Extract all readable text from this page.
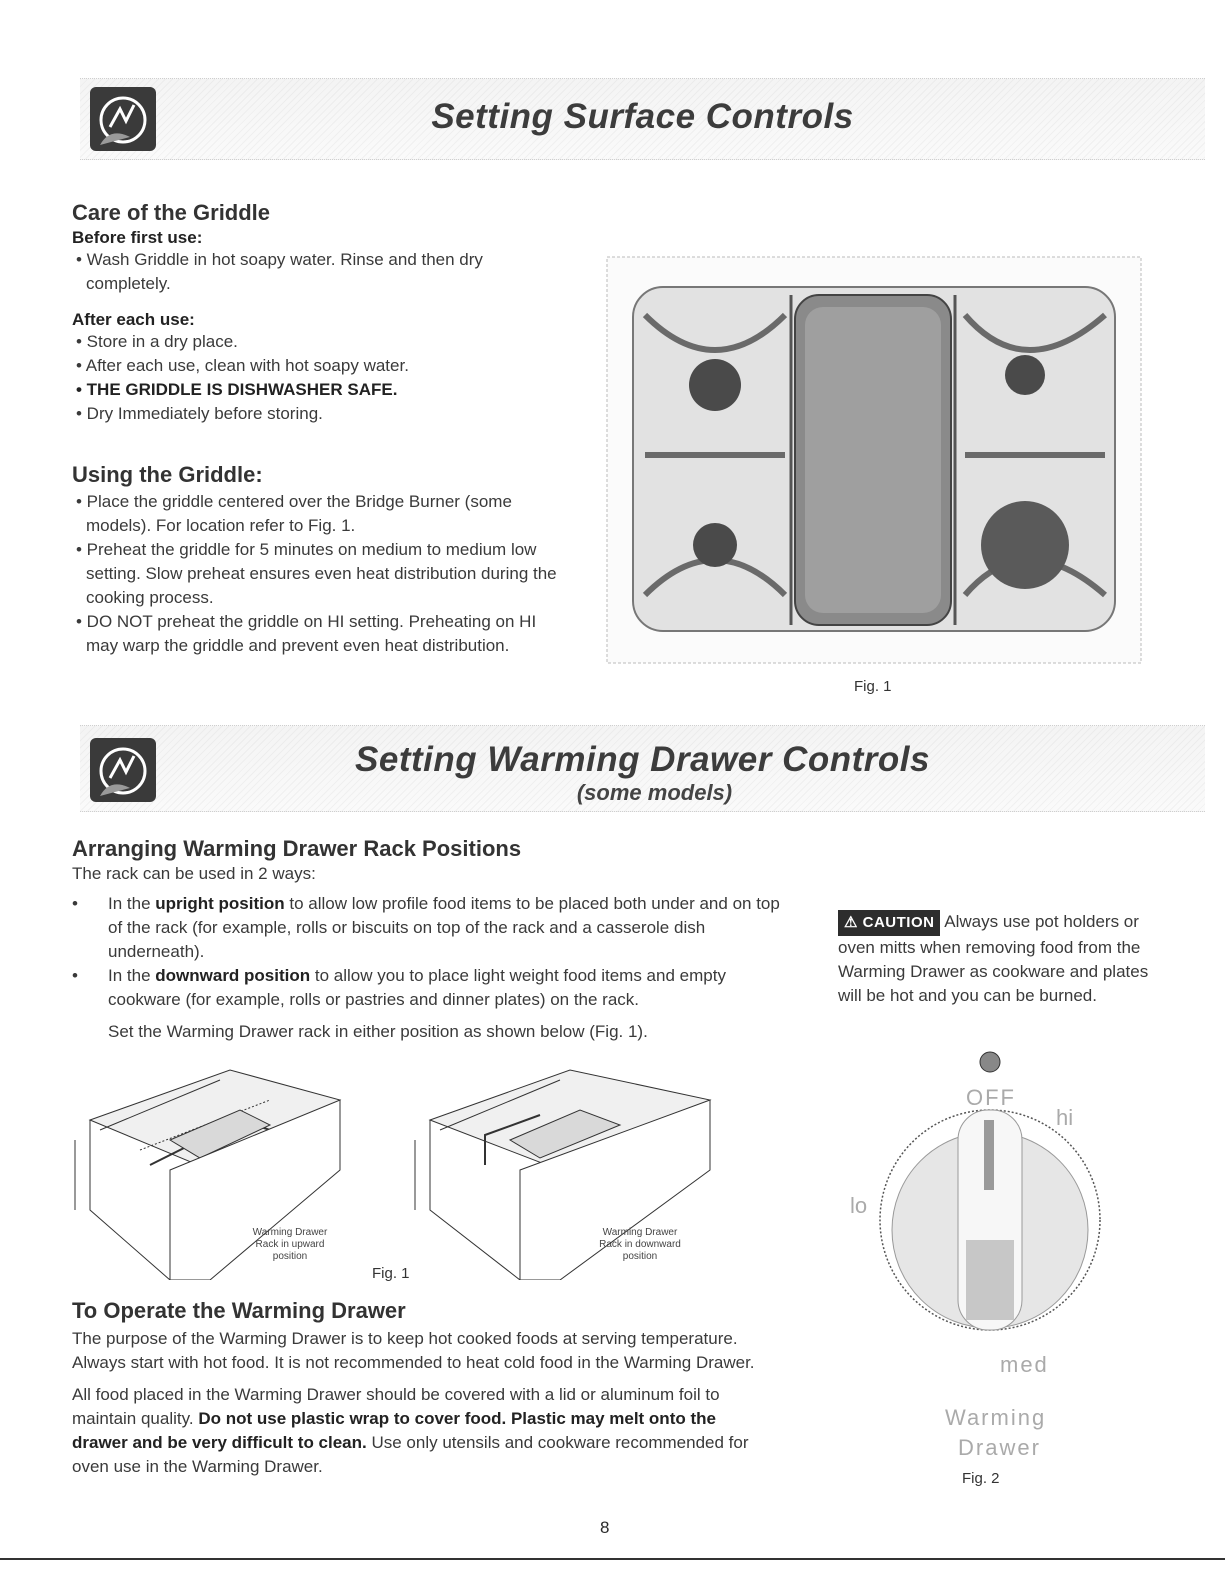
Setting Surface Controls
Care of the Griddle

Before first use:

• Wash Griddle in hot soapy water. Rinse and then dry completely.

After each use:

• Store in a dry place.

• After each use, clean with hot soapy water.

• THE GRIDDLE IS DISHWASHER SAFE.

• Dry Immediately before storing.

Using the Griddle:

• Place the griddle centered over the Bridge Burner (some models). For location refer to Fig. 1.

• Preheat the griddle for 5 minutes on medium to medium low setting. Slow preheat ensures even heat distribution during the cooking process.

• DO NOT preheat the griddle on HI setting. Preheating on HI may warp the griddle and prevent even heat distribution.

Fig. 1
Setting Warming Drawer Controls
(some models)
Arranging Warming Drawer Rack Positions

The rack can be used in 2 ways:

•	In the upright position to allow low profile food items to be placed both under and on top of the rack (for example, rolls or biscuits on top of the rack and a casserole dish underneath).
•	In the downward position to allow you to place light weight food items and empty cookware (for example, rolls or pastries and dinner plates) on the rack.

Set the Warming Drawer rack in either position as shown below (Fig. 1).

Warming Drawer
Rack in upward
position
Fig. 1
Warming Drawer
Rack in downward
position
⚠ CAUTION Always use pot holders or oven mitts when removing food from the Warming Drawer as cookware and plates will be hot and you can be burned.
OFF
hi
lo
med
Warming
Drawer
Fig. 2
To Operate the Warming Drawer

The purpose of the Warming Drawer is to keep hot cooked foods at serving temperature. Always start with hot food. It is not recommended to heat cold food in the Warming Drawer.

All food placed in the Warming Drawer should be covered with a lid or aluminum foil to maintain quality. Do not use plastic wrap to cover food. Plastic may melt onto the drawer and be very difficult to clean. Use only utensils and cookware recommended for oven use in the Warming Drawer.

8
